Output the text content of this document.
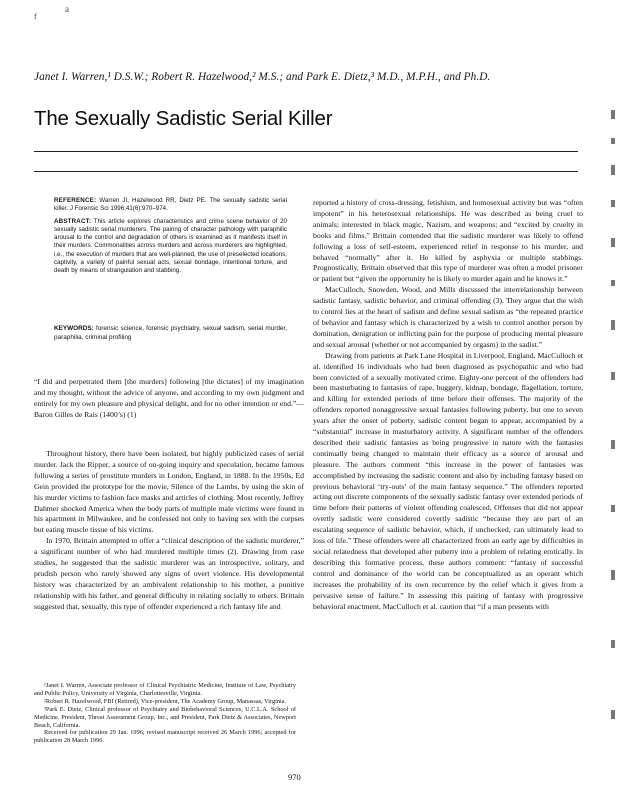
f
a
Janet I. Warren,¹ D.S.W.; Robert R. Hazelwood,² M.S.; and Park E. Dietz,³ M.D., M.P.H., and Ph.D.
The Sexually Sadistic Serial Killer

REFERENCE: Warren JI, Hazelwood RR, Dietz PE. The sexually sadistic serial killer. J Forensic Sci 1996;41(6):970–974.

ABSTRACT: This article explores characteristics and crime scene behavior of 20 sexually sadistic serial murderers. The pairing of character pathology with paraphilic arousal to the control and degradation of others is examined as it manifests itself in their murders. Commonalities across murders and across murderers are highlighted, i.e., the execution of murders that are well-planned, the use of preselected locations, captivity, a variety of painful sexual acts, sexual bondage, intentional torture, and death by means of strangulation and stabbing.

KEYWORDS: forensic science, forensic psychiatry, sexual sadism, serial murder, paraphilia, criminal profiling
“I did and perpetrated them [the murders] following [the dictates] of my imagination and my thought, without the advice of anyone, and according to my own judgment and entirely for my own pleasure and physical delight, and for no other intention or end.”—Baron Gilles de Rais (1400’s) (1)

Throughout history, there have been isolated, but highly publicized cases of serial murder. Jack the Ripper, a source of on-going inquiry and speculation, became famous following a series of prostitute murders in London, England, in 1888. In the 1950s, Ed Gein provided the prototype for the movie, Silence of the Lambs, by using the skin of his murder victims to fashion face masks and articles of clothing. Most recently, Jeffrey Dahmer shocked America when the body parts of multiple male victims were found in his apartment in Milwaukee, and he confessed not only to having sex with the corpses but eating muscle tissue of his victims.

In 1970, Brittain attempted to offer a “clinical description of the sadistic murderer,” a significant number of who had murdered multiple times (2). Drawing from case studies, he suggested that the sadistic murderer was an introspective, solitary, and prudish person who rarely showed any signs of overt violence. His developmental history was characterized by an ambivalent relationship to his mother, a punitive relationship with his father, and general difficulty in relating socially to others. Brittain suggested that, sexually, this type of offender experienced a rich fantasy life and

¹Janet I. Warren, Associate professor of Clinical Psychiatric Medicine, Institute of Law, Psychiatry and Public Policy, University of Virginia, Charlottesville, Virginia.

²Robert R. Hazelwood, FBI (Retired), Vice-president, The Academy Group, Manassas, Virginia.

³Park E. Dietz, Clinical professor of Psychiatry and Biobehavioral Sciences, U.C.L.A. School of Medicine. President, Threat Assessment Group, Inc., and President, Park Dietz & Associates, Newport Beach, California.

Received for publication 29 Jan. 1996; revised manuscript received 26 March 1996; accepted for publication 28 March 1996.

reported a history of cross-dressing, fetishism, and homosexual activity but was “often impotent” in his heterosexual relationships. He was described as being cruel to animals; interested in black magic, Nazism, and weapons; and “excited by cruelty in books and films.” Brittain contended that the sadistic murderer was likely to offend following a loss of self-esteem, experienced relief in response to his murder, and behaved “normally” after it. He killed by asphyxia or multiple stabbings. Prognostically, Brittain observed that this type of murderer was often a model prisoner or patient but “given the opportunity he is likely to murder again and he knows it.”

MacCulloch, Snowden, Wood, and Mills discussed the interrelationship between sadistic fantasy, sadistic behavior, and criminal offending (3). They argue that the wish to control lies at the heart of sadism and define sexual sadism as “the repeated practice of behavior and fantasy which is characterized by a wish to control another person by domination, denigration or inflicting pain for the purpose of producing mental pleasure and sexual arousal (whether or not accompanied by orgasm) in the sadist.”

Drawing from patients at Park Lane Hospital in Liverpool, England, MacCulloch et al. identified 16 individuals who had been diagnosed as psychopathic and who had been convicted of a sexually motivated crime. Eighty-one percent of the offenders had been masturbating to fantasies of rape, buggery, kidnap, bondage, flagellation, torture, and killing for extended periods of time before their offenses. The majority of the offenders reported nonaggressive sexual fantasies following puberty, but one to seven years after the onset of puberty, sadistic content began to appear, accompanied by a “substantial” increase in masturbatory activity. A significant number of the offenders described their sadistic fantasies as being progressive in nature with the fantasies continually being changed to maintain their efficacy as a source of arousal and pleasure. The authors comment “this increase in the power of fantasies was accomplished by increasing the sadistic content and also by including fantasy based on previous behavioral ‘try-outs’ of the main fantasy sequence.” The offenders reported acting out discrete components of the sexually sadistic fantasy over extended periods of time before their patterns of violent offending coalesced. Offenses that did not appear overtly sadistic were considered covertly sadistic “because they are part of an escalating sequence of sadistic behavior, which, if unchecked, can ultimately lead to loss of life.” These offenders were all characterized from an early age by difficulties in social relatedness that developed after puberty into a problem of relating erotically. In describing this formative process, these authors comment: “fantasy of successful control and dominance of the world can be conceptualized as an operant which increases the probability of its own recurrence by the relief which it gives from a pervasive sense of failure.” In assessing this pairing of fantasy with progressive behavioral enactment, MacCulloch et al. caution that “if a man presents with

970
